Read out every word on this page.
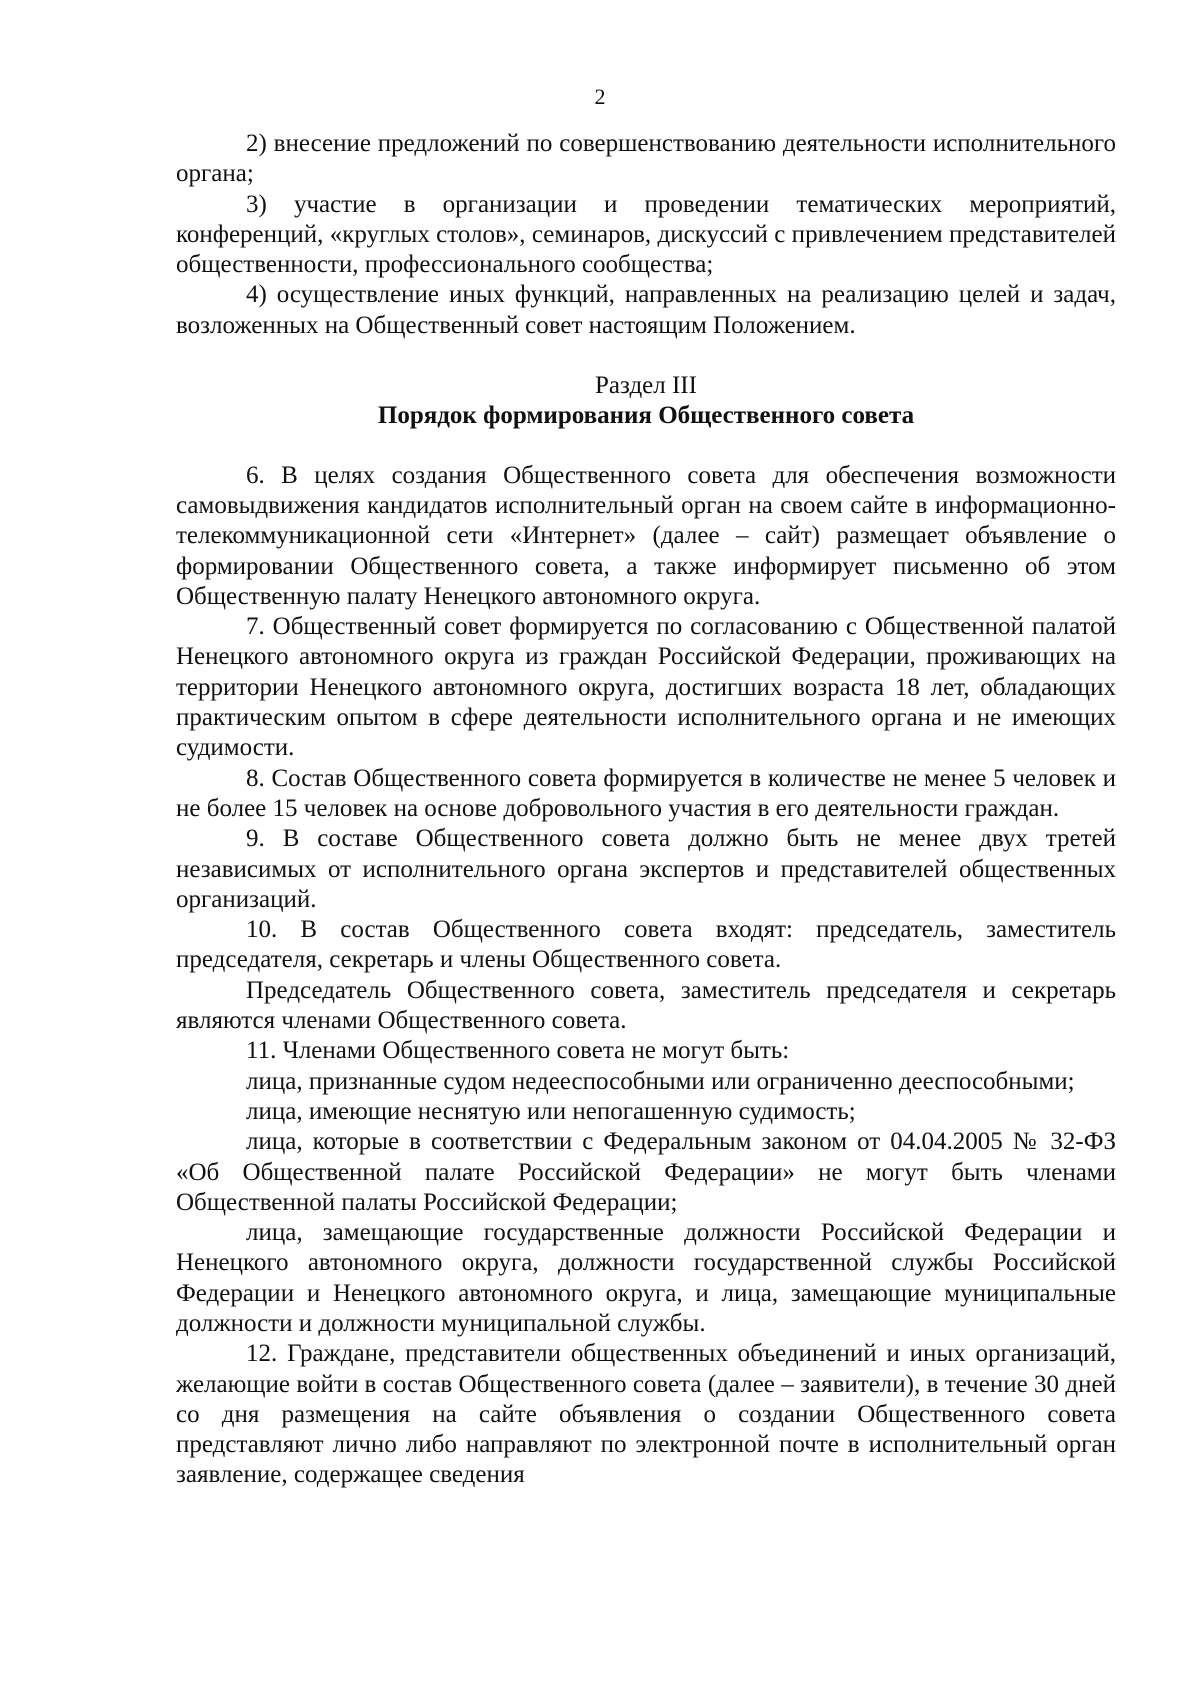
2

2) внесение предложений по совершенствованию деятельности исполнительного органа;

3) участие в организации и проведении тематических мероприятий, конференций, «круглых столов», семинаров, дискуссий с привлечением представителей общественности, профессионального сообщества;

4) осуществление иных функций, направленных на реализацию целей и задач, возложенных на Общественный совет настоящим Положением.

Раздел III

Порядок формирования Общественного совета

6. В целях создания Общественного совета для обеспечения возможности самовыдвижения кандидатов исполнительный орган на своем сайте в информационно-телекоммуникационной сети «Интернет» (далее – сайт) размещает объявление о формировании Общественного совета, а также информирует письменно об этом Общественную палату Ненецкого автономного округа.

7. Общественный совет формируется по согласованию с Общественной палатой Ненецкого автономного округа из граждан Российской Федерации, проживающих на территории Ненецкого автономного округа, достигших возраста 18 лет, обладающих практическим опытом в сфере деятельности исполнительного органа и не имеющих судимости.

8. Состав Общественного совета формируется в количестве не менее 5 человек и не более 15 человек на основе добровольного участия в его деятельности граждан.

9. В составе Общественного совета должно быть не менее двух третей независимых от исполнительного органа экспертов и представителей общественных организаций.

10. В состав Общественного совета входят: председатель, заместитель председателя, секретарь и члены Общественного совета.

Председатель Общественного совета, заместитель председателя и секретарь являются членами Общественного совета.

11. Членами Общественного совета не могут быть:

лица, признанные судом недееспособными или ограниченно дееспособными;

лица, имеющие неснятую или непогашенную судимость;

лица, которые в соответствии с Федеральным законом от 04.04.2005 № 32-ФЗ «Об Общественной палате Российской Федерации» не могут быть членами Общественной палаты Российской Федерации;

лица, замещающие государственные должности Российской Федерации и Ненецкого автономного округа, должности государственной службы Российской Федерации и Ненецкого автономного округа, и лица, замещающие муниципальные должности и должности муниципальной службы.

12. Граждане, представители общественных объединений и иных организаций, желающие войти в состав Общественного совета (далее – заявители), в течение 30 дней со дня размещения на сайте объявления о создании Общественного совета представляют лично либо направляют по электронной почте в исполнительный орган заявление, содержащее сведения
